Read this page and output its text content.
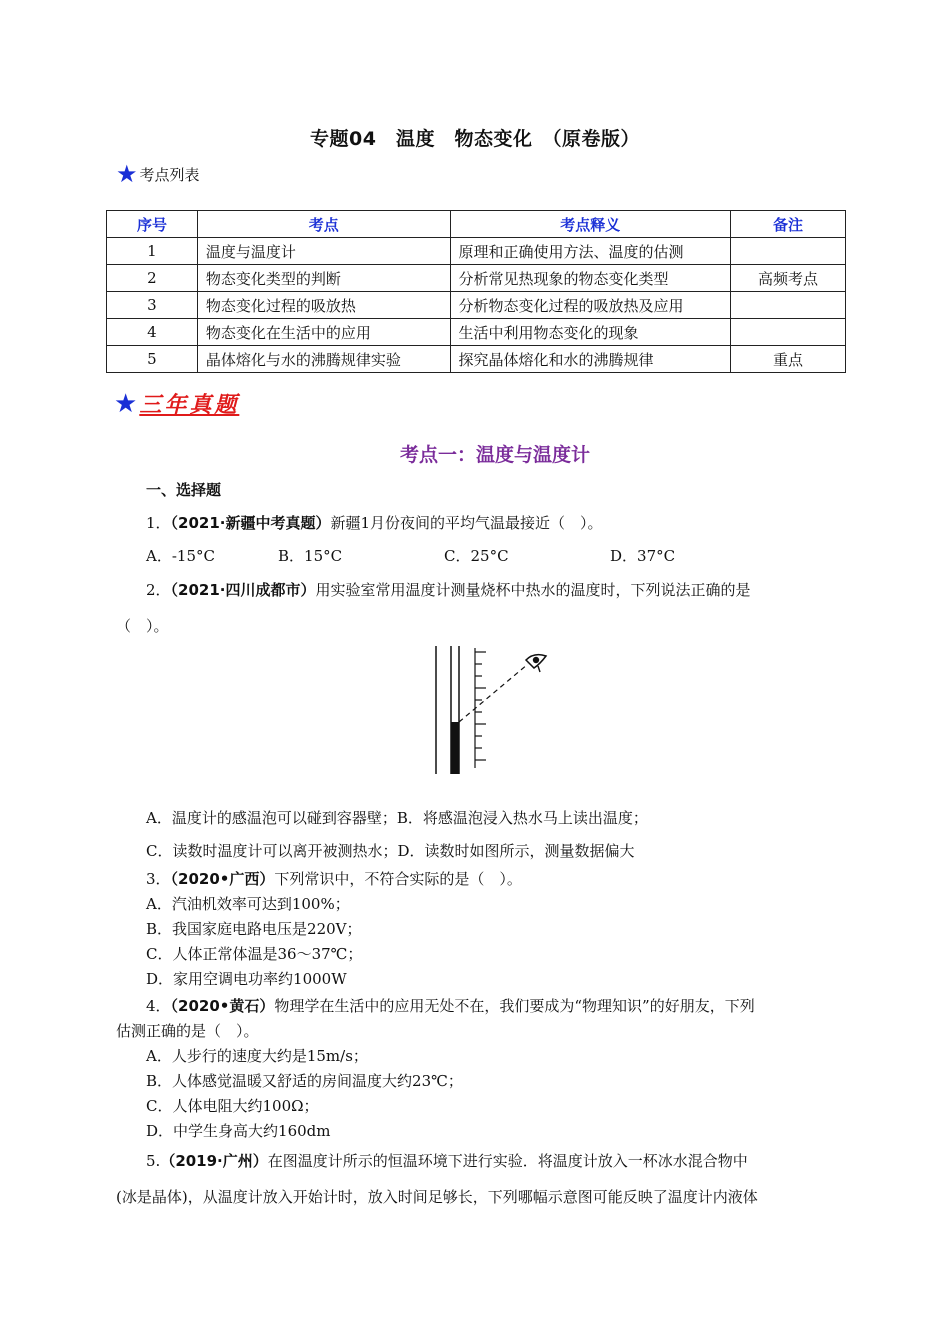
专题04　温度　物态变化　（原卷版）
★ 考点列表
序号	考点	考点释义	备注
1	温度与温度计	原理和正确使用方法、温度的估测	
2	物态变化类型的判断	分析常见热现象的物态变化类型	高频考点
3	物态变化过程的吸放热	分析物态变化过程的吸放热及应用	
4	物态变化在生活中的应用	生活中利用物态变化的现象	
5	晶体熔化与水的沸腾规律实验	探究晶体熔化和水的沸腾规律	重点
★ 三年真题
考点一：温度与温度计
一、选择题
1．（2021·新疆中考真题）新疆1月份夜间的平均气温最接近（　）。
A．-15°C	B．15°C	C．25°C	D．37°C
2．（2021·四川成都市）用实验室常用温度计测量烧杯中热水的温度时，下列说法正确的是
（　）。
A．温度计的感温泡可以碰到容器壁；B．将感温泡浸入热水马上读出温度；
C．读数时温度计可以离开被测热水；D．读数时如图所示，测量数据偏大
3．（2020•广西）下列常识中，不符合实际的是（　）。
A．汽油机效率可达到100%；
B．我国家庭电路电压是220V；
C．人体正常体温是36～37℃；
D．家用空调电功率约1000W
4．（2020•黄石）物理学在生活中的应用无处不在，我们要成为“物理知识”的好朋友，下列
估测正确的是（　）。
A．人步行的速度大约是15m/s；
B．人体感觉温暖又舒适的房间温度大约23℃；
C．人体电阻大约100Ω；
D．中学生身高大约160dm
5.（2019·广州）在图温度计所示的恒温环境下进行实验．将温度计放入一杯冰水混合物中
(冰是晶体)，从温度计放入开始计时，放入时间足够长，下列哪幅示意图可能反映了温度计内液体
